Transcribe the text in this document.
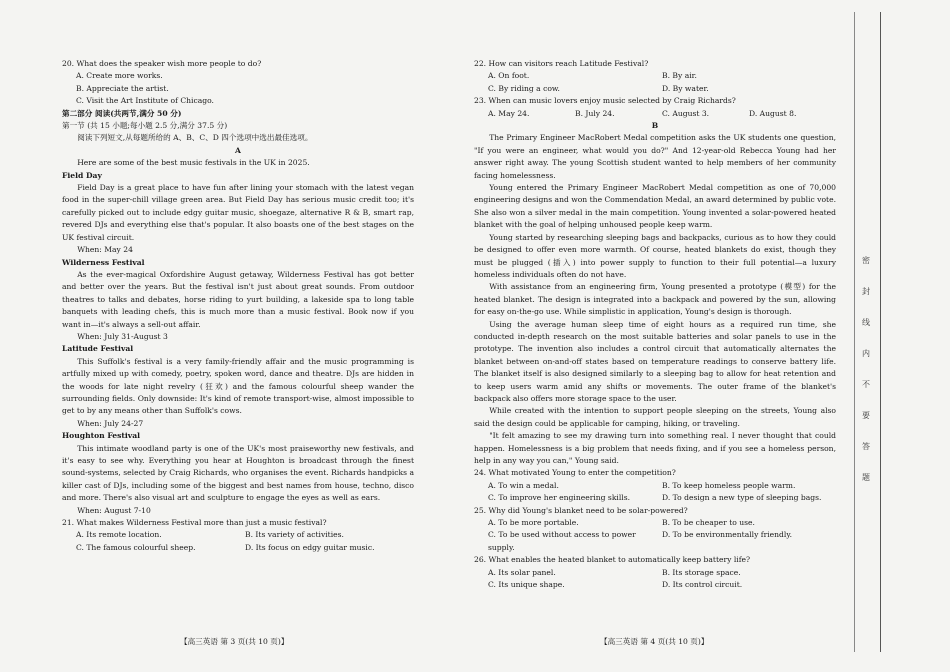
20. What does the speaker wish more people to do?

A. Create more works.

B. Appreciate the artist.

C. Visit the Art Institute of Chicago.

第二部分 阅读(共两节,满分 50 分)

第一节 (共 15 小题;每小题 2.5 分,满分 37.5 分)

阅读下列短文,从每题所给的 A、B、C、D 四个选项中选出最佳选项。

A

Here are some of the best music festivals in the UK in 2025.

Field Day

Field Day is a great place to have fun after lining your stomach with the latest vegan food in the super-chill village green area. But Field Day has serious music credit too; it's carefully picked out to include edgy guitar music, shoegaze, alternative R & B, smart rap, revered DJs and everything else that's popular. It also boasts one of the best stages on the UK festival circuit.

When: May 24

Wilderness Festival

As the ever-magical Oxfordshire August getaway, Wilderness Festival has got better and better over the years. But the festival isn't just about great sounds. From outdoor theatres to talks and debates, horse riding to yurt building, a lakeside spa to long table banquets with leading chefs, this is much more than a music festival. Book now if you want in—it's always a sell-out affair.

When: July 31-August 3

Latitude Festival

This Suffolk's festival is a very family-friendly affair and the music programming is artfully mixed up with comedy, poetry, spoken word, dance and theatre. DJs are hidden in the woods for late night revelry (狂欢) and the famous colourful sheep wander the surrounding fields. Only downside: It's kind of remote transport-wise, almost impossible to get to by any means other than Suffolk's cows.

When: July 24-27

Houghton Festival

This intimate woodland party is one of the UK's most praiseworthy new festivals, and it's easy to see why. Everything you hear at Houghton is broadcast through the finest sound-systems, selected by Craig Richards, who organises the event. Richards handpicks a killer cast of DJs, including some of the biggest and best names from house, techno, disco and more. There's also visual art and sculpture to engage the eyes as well as ears.

When: August 7-10

21. What makes Wilderness Festival more than just a music festival?

A. Its remote location.	B. Its variety of activities.
C. The famous colourful sheep.	D. Its focus on edgy guitar music.
【高三英语 第 3 页(共 10 页)】

22. How can visitors reach Latitude Festival?

A. On foot.	B. By air.
C. By riding a cow.	D. By water.

23. When can music lovers enjoy music selected by Craig Richards?

A. May 24.	B. July 24.	C. August 3.	D. August 8.

B

The Primary Engineer MacRobert Medal competition asks the UK students one question, "If you were an engineer, what would you do?" And 12-year-old Rebecca Young had her answer right away. The young Scottish student wanted to help members of her community facing homelessness.

Young entered the Primary Engineer MacRobert Medal competition as one of 70,000 engineering designs and won the Commendation Medal, an award determined by public vote. She also won a silver medal in the main competition. Young invented a solar-powered heated blanket with the goal of helping unhoused people keep warm.

Young started by researching sleeping bags and backpacks, curious as to how they could be designed to offer even more warmth. Of course, heated blankets do exist, though they must be plugged (插入) into power supply to function to their full potential—a luxury homeless individuals often do not have.

With assistance from an engineering firm, Young presented a prototype (模型) for the heated blanket. The design is integrated into a backpack and powered by the sun, allowing for easy on-the-go use. While simplistic in application, Young's design is thorough.

Using the average human sleep time of eight hours as a required run time, she conducted in-depth research on the most suitable batteries and solar panels to use in the prototype. The invention also includes a control circuit that automatically alternates the blanket between on-and-off states based on temperature readings to conserve battery life. The blanket itself is also designed similarly to a sleeping bag to allow for heat retention and to keep users warm amid any shifts or movements. The outer frame of the blanket's backpack also offers more storage space to the user.

While created with the intention to support people sleeping on the streets, Young also said the design could be applicable for camping, hiking, or traveling.

"It felt amazing to see my drawing turn into something real. I never thought that could happen. Homelessness is a big problem that needs fixing, and if you see a homeless person, help in any way you can," Young said.

24. What motivated Young to enter the competition?

A. To win a medal.	B. To keep homeless people warm.
C. To improve her engineering skills.	D. To design a new type of sleeping bags.

25. Why did Young's blanket need to be solar-powered?

A. To be more portable.	B. To be cheaper to use.
C. To be used without access to power supply.
D. To be environmentally friendly.

26. What enables the heated blanket to automatically keep battery life?

A. Its solar panel.	B. Its storage space.
C. Its unique shape.	D. Its control circuit.
【高三英语 第 4 页(共 10 页)】
密
封
线
内
不
要
答
题
